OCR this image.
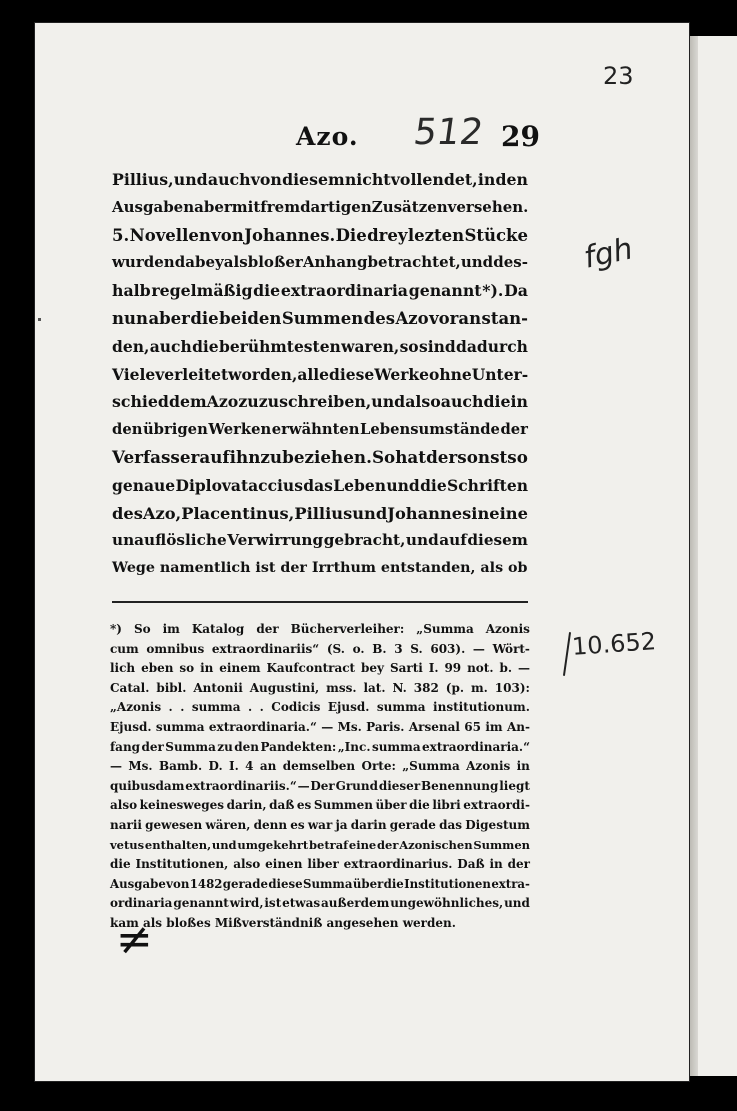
Azo. 512 29
Pillius, und auch von diesem nicht vollendet, in den
Ausgaben aber mit fremdartigen Zusätzen versehen.
5. Novellen von Johannes. Die drey lezten Stücke
wurden dabey als bloßer Anhang betrachtet, und des-
halb regelmäßig die extraordinaria genannt *). Da
nun aber die beiden Summen des Azo voran stan-
den, auch die berühmtesten waren, so sind dadurch
Viele verleitet worden, alle diese Werke ohne Unter-
schied dem Azo zuzuschreiben, und also auch die in
den übrigen Werken erwähnten Lebensumstände der
Verfasser auf ihn zu beziehen. So hat der sonst so
genaue Diplovataccius das Leben und die Schriften
des Azo, Placentinus, Pillius und Johannes in eine
unauflösliche Verwirrung gebracht, und auf diesem
Wege namentlich ist der Irrthum entstanden, als ob
*) So im Katalog der Bücherverleiher: „Summa Azonis
cum omnibus extraordinariis“ (S. o. B. 3 S. 603). — Wört-
lich eben so in einem Kaufcontract bey Sarti I. 99 not. b. —
Catal. bibl. Antonii Augustini, mss. lat. N. 382 (p. m. 103):
„Azonis . . summa . . Codicis Ejusd. summa institutionum.
Ejusd. summa extraordinaria.“ — Ms. Paris. Arsenal 65 im An-
fang der Summa zu den Pandekten: „Inc. summa extraordinaria.“
— Ms. Bamb. D. I. 4 an demselben Orte: „Summa Azonis in
quibusdam extraordinariis.“ — Der Grund dieser Benennung liegt
also keinesweges darin, daß es Summen über die libri extraordi-
narii gewesen wären, denn es war ja darin gerade das Digestum
vetus enthalten, und umgekehrt betraf eine der Azonischen Summen
die Institutionen, also einen liber extraordinarius. Daß in der
Ausgabe von 1482 gerade diese Summa über die Institutionen extra-
ordinaria genannt wird, ist etwas außerdem ungewöhnliches, und
kam als bloßes Mißverständniß angesehen werden.
23
fgh
10.652
≠
